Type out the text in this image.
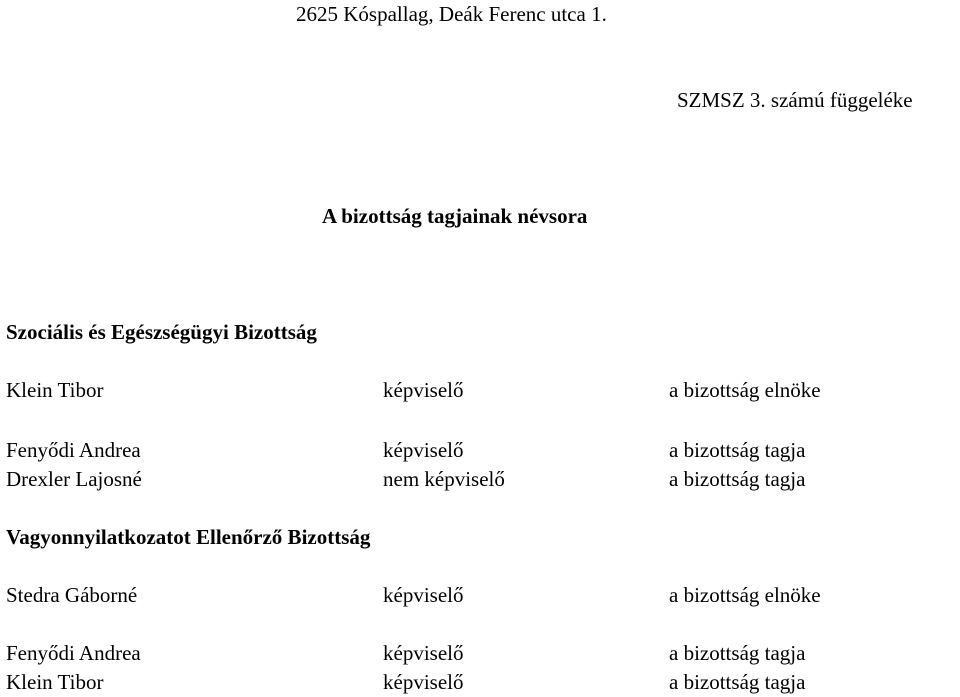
2625 Kóspallag, Deák Ferenc utca 1.
SZMSZ 3. számú függeléke
A bizottság tagjainak névsora
Szociális és Egészségügyi Bizottság
Klein Tibor	képviselő	a bizottság elnöke
Fenyődi Andrea	képviselő	a bizottság tagja
Drexler Lajosné	nem képviselő	a bizottság tagja
Vagyonnyilatkozatot Ellenőrző Bizottság
Stedra Gáborné	képviselő	a bizottság elnöke
Fenyődi Andrea	képviselő	a bizottság tagja
Klein Tibor	képviselő	a bizottság tagja
